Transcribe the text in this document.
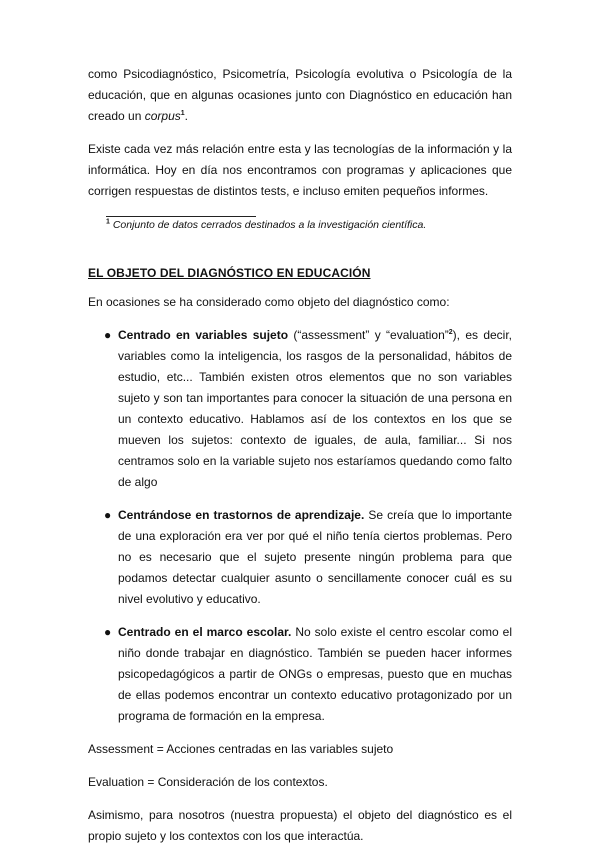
como Psicodiagnóstico, Psicometría, Psicología evolutiva o Psicología de la educación, que en algunas ocasiones junto con Diagnóstico en educación han creado un corpus$^1$.

Existe cada vez más relación entre esta y las tecnologías de la información y la informática. Hoy en día nos encontramos con programas y aplicaciones que corrigen respuestas de distintos tests, e incluso emiten pequeños informes.

$^1$ Conjunto de datos cerrados destinados a la investigación científica.
EL OBJETO DEL DIAGNÓSTICO EN EDUCACIÓN

En ocasiones se ha considerado como objeto del diagnóstico como:

● Centrado en variables sujeto (“assessment” y “evaluation”$^2$), es decir, variables como la inteligencia, los rasgos de la personalidad, hábitos de estudio, etc... También existen otros elementos que no son variables sujeto y son tan importantes para conocer la situación de una persona en un contexto educativo. Hablamos así de los contextos en los que se mueven los sujetos: contexto de iguales, de aula, familiar... Si nos centramos solo en la variable sujeto nos estaríamos quedando como falto de algo

● Centrándose en trastornos de aprendizaje. Se creía que lo importante de una exploración era ver por qué el niño tenía ciertos problemas. Pero no es necesario que el sujeto presente ningún problema para que podamos detectar cualquier asunto o sencillamente conocer cuál es su nivel evolutivo y educativo.

● Centrado en el marco escolar. No solo existe el centro escolar como el niño donde trabajar en diagnóstico. También se pueden hacer informes psicopedagógicos a partir de ONGs o empresas, puesto que en muchas de ellas podemos encontrar un contexto educativo protagonizado por un programa de formación en la empresa.

Assessment = Acciones centradas en las variables sujeto

Evaluation = Consideración de los contextos.

Asimismo, para nosotros (nuestra propuesta) el objeto del diagnóstico es el propio sujeto y los contextos con los que interactúa.
